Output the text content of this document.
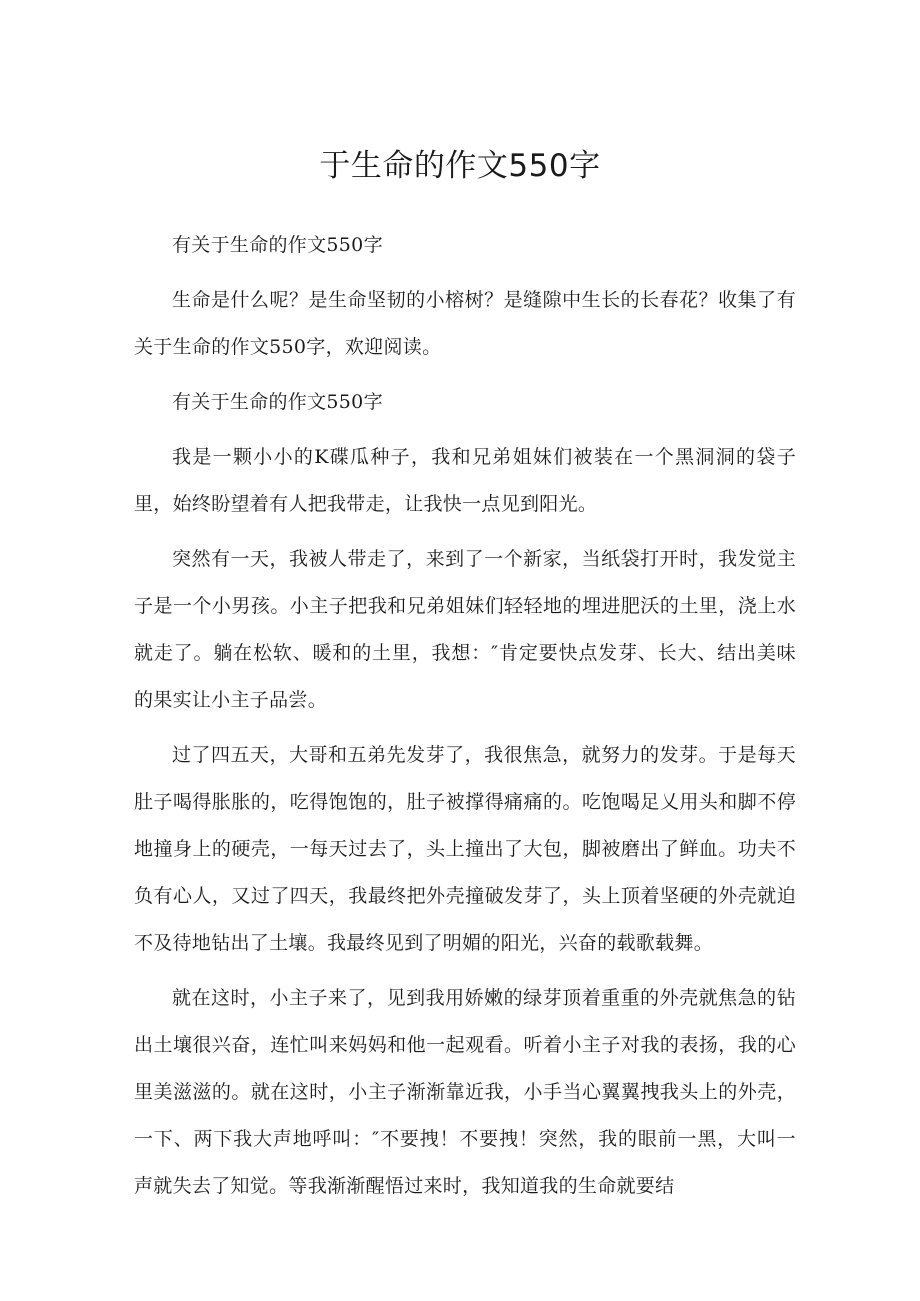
于生命的作文550字

有关于生命的作文550字

生命是什么呢？是生命坚韧的小榕树？是缝隙中生长的长春花？收集了有关于生命的作文550字，欢迎阅读。

有关于生命的作文550字

我是一颗小小的K碟瓜种子，我和兄弟姐妹们被装在一个黑洞洞的袋子里，始终盼望着有人把我带走，让我快一点见到阳光。

突然有一天，我被人带走了，来到了一个新家，当纸袋打开时，我发觉主子是一个小男孩。小主子把我和兄弟姐妹们轻轻地的埋进肥沃的土里，浇上水就走了。躺在松软、暖和的土里，我想：″肯定要快点发芽、长大、结出美味的果实让小主子品尝。

过了四五天，大哥和五弟先发芽了，我很焦急，就努力的发芽。于是每天肚子喝得胀胀的，吃得饱饱的，肚子被撑得痛痛的。吃饱喝足乂用头和脚不停地撞身上的硬壳，一每天过去了，头上撞出了大包，脚被磨出了鲜血。功夫不负有心人，又过了四天，我最终把外壳撞破发芽了，头上顶着坚硬的外壳就迫不及待地钻出了土壤。我最终见到了明媚的阳光，兴奋的载歌载舞。

就在这时，小主子来了，见到我用娇嫩的绿芽顶着重重的外壳就焦急的钻出土壤很兴奋，连忙叫来妈妈和他一起观看。听着小主子对我的表扬，我的心里美滋滋的。就在这时，小主子渐渐靠近我，小手当心翼翼拽我头上的外壳，一下、两下我大声地呼叫：″不要拽！不要拽！突然，我的眼前一黑，大叫一声就失去了知觉。等我渐渐醒悟过来时，我知道我的生命就要结
